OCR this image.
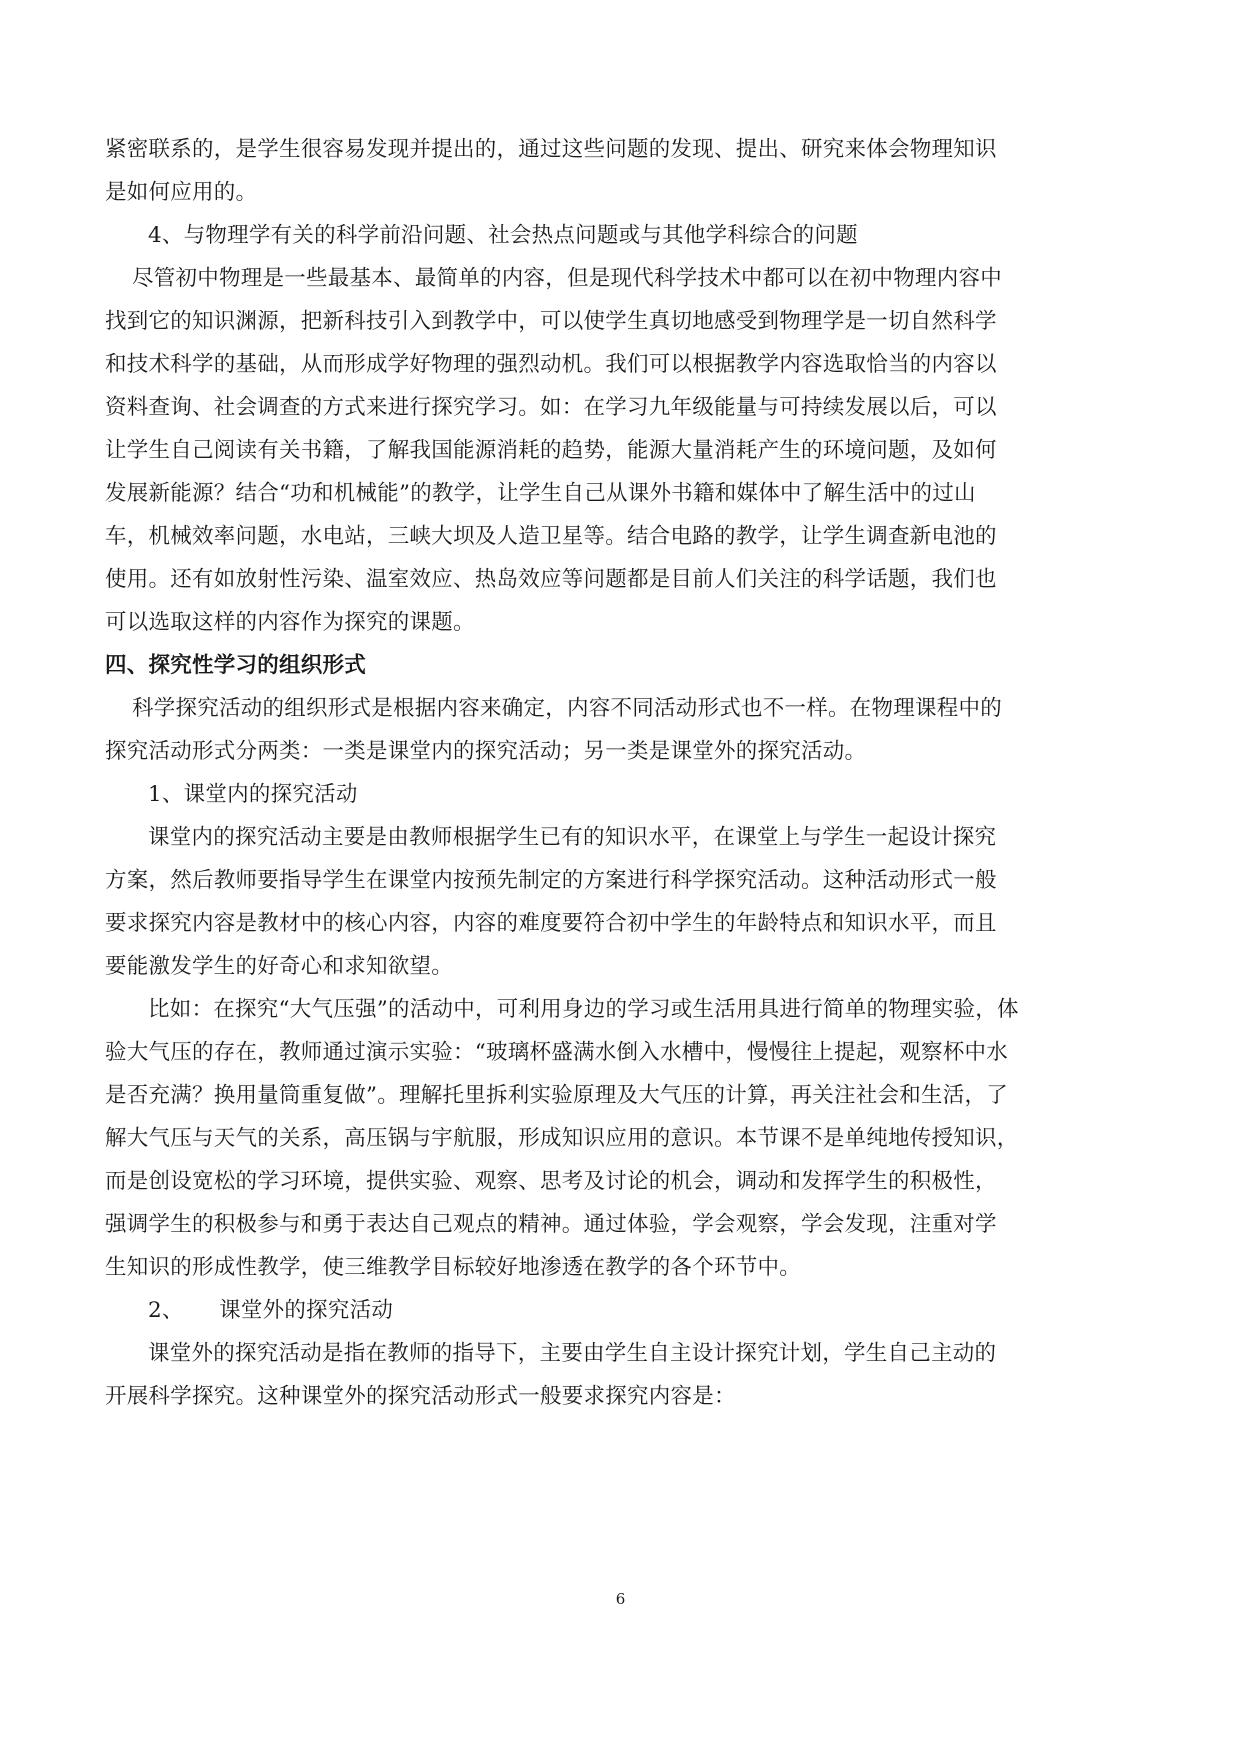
紧密联系的，是学生很容易发现并提出的，通过这些问题的发现、提出、研究来体会物理知识
是如何应用的。
4、与物理学有关的科学前沿问题、社会热点问题或与其他学科综合的问题
尽管初中物理是一些最基本、最简单的内容，但是现代科学技术中都可以在初中物理内容中
找到它的知识渊源，把新科技引入到教学中，可以使学生真切地感受到物理学是一切自然科学
和技术科学的基础，从而形成学好物理的强烈动机。我们可以根据教学内容选取恰当的内容以
资料查询、社会调查的方式来进行探究学习。如：在学习九年级能量与可持续发展以后，可以
让学生自己阅读有关书籍，了解我国能源消耗的趋势，能源大量消耗产生的环境问题，及如何
发展新能源？结合“功和机械能”的教学，让学生自己从课外书籍和媒体中了解生活中的过山
车，机械效率问题，水电站，三峡大坝及人造卫星等。结合电路的教学，让学生调查新电池的
使用。还有如放射性污染、温室效应、热岛效应等问题都是目前人们关注的科学话题，我们也
可以选取这样的内容作为探究的课题。
四、探究性学习的组织形式
科学探究活动的组织形式是根据内容来确定，内容不同活动形式也不一样。在物理课程中的
探究活动形式分两类：一类是课堂内的探究活动；另一类是课堂外的探究活动。
1、课堂内的探究活动
课堂内的探究活动主要是由教师根据学生已有的知识水平，在课堂上与学生一起设计探究
方案，然后教师要指导学生在课堂内按预先制定的方案进行科学探究活动。这种活动形式一般
要求探究内容是教材中的核心内容，内容的难度要符合初中学生的年龄特点和知识水平，而且
要能激发学生的好奇心和求知欲望。
比如：在探究“大气压强”的活动中，可利用身边的学习或生活用具进行简单的物理实验，体
验大气压的存在，教师通过演示实验：“玻璃杯盛满水倒入水槽中，慢慢往上提起，观察杯中水
是否充满？换用量筒重复做”。理解托里拆利实验原理及大气压的计算，再关注社会和生活，了
解大气压与天气的关系，高压锅与宇航服，形成知识应用的意识。本节课不是单纯地传授知识，
而是创设宽松的学习环境，提供实验、观察、思考及讨论的机会，调动和发挥学生的积极性，
强调学生的积极参与和勇于表达自己观点的精神。通过体验，学会观察，学会发现，注重对学
生知识的形成性教学，使三维教学目标较好地渗透在教学的各个环节中。
2、     课堂外的探究活动
课堂外的探究活动是指在教师的指导下，主要由学生自主设计探究计划，学生自己主动的
开展科学探究。这种课堂外的探究活动形式一般要求探究内容是：
6
